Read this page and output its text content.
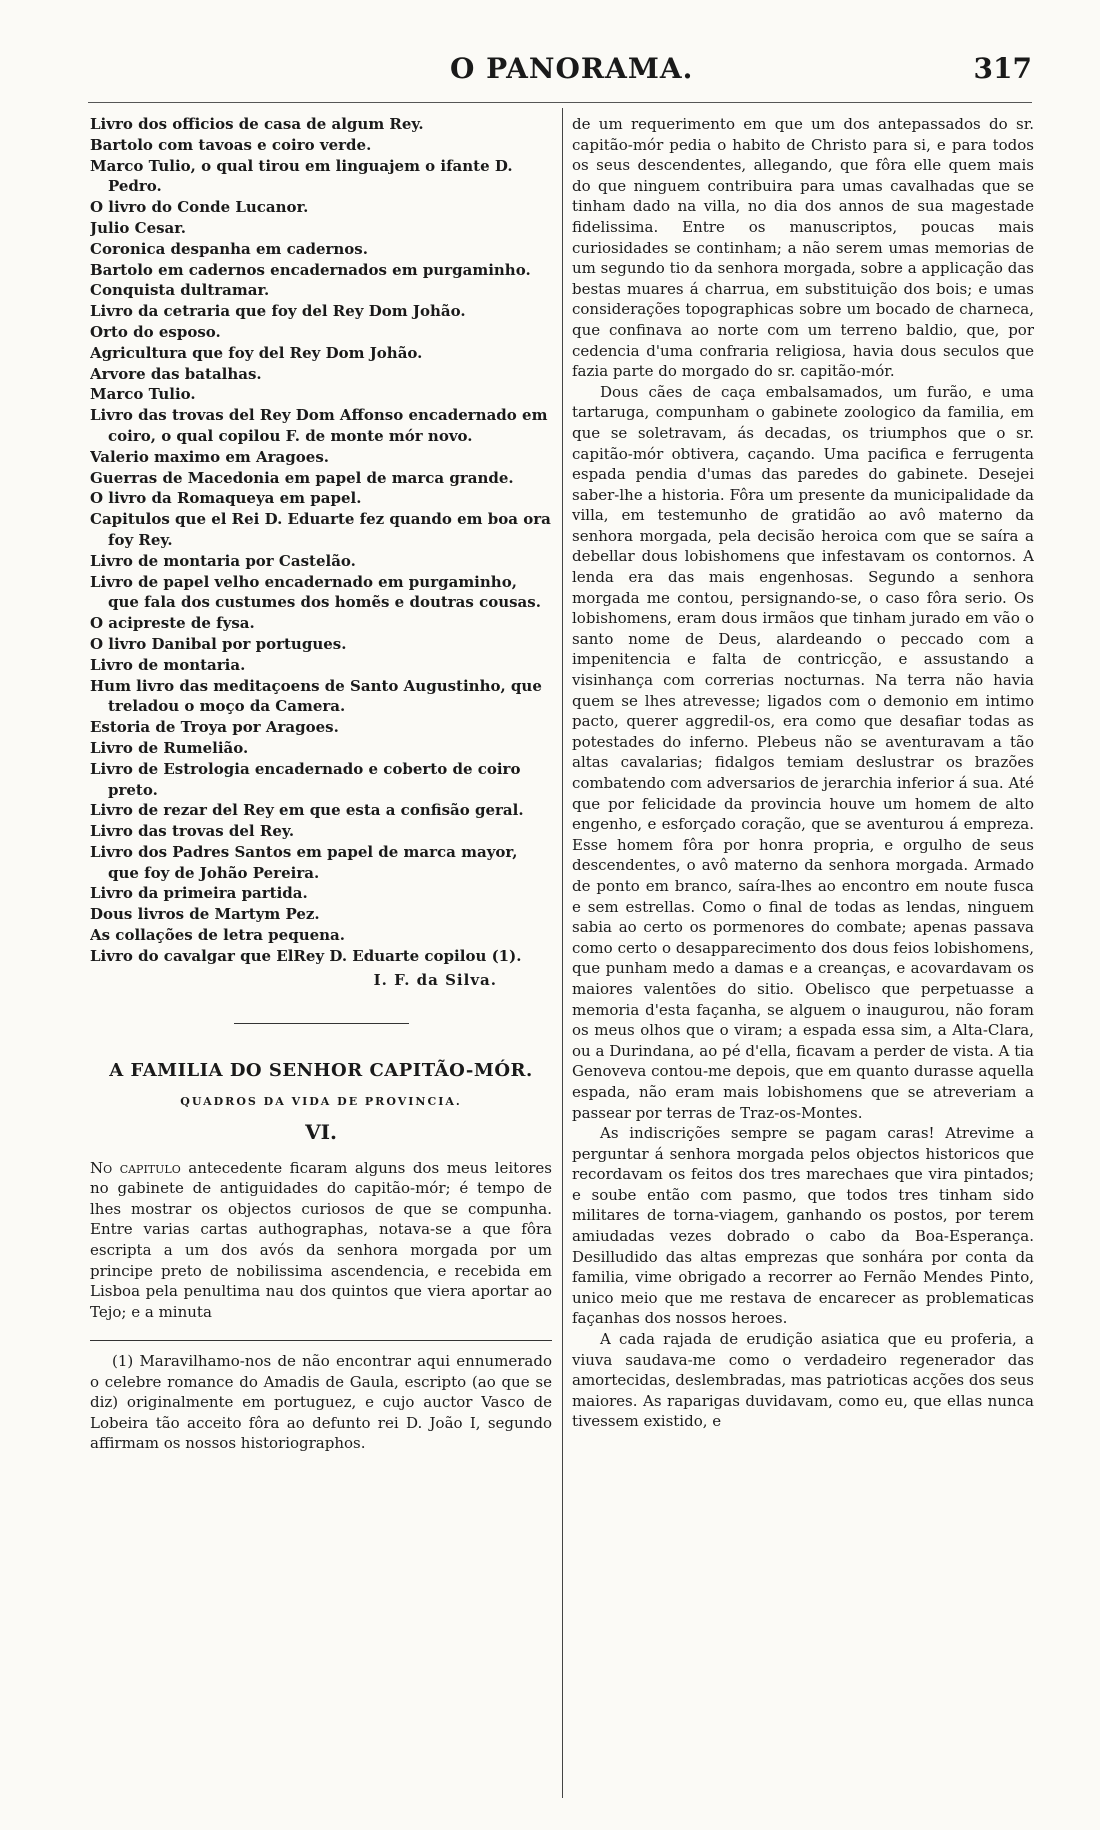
O PANORAMA.	317
Livro dos officios de casa de algum Rey.
Bartolo com tavoas e coiro verde.
Marco Tulio, o qual tirou em linguajem o ifante D. Pedro.
O livro do Conde Lucanor.
Julio Cesar.
Coronica despanha em cadernos.
Bartolo em cadernos encadernados em purgaminho.
Conquista dultramar.
Livro da cetraria que foy del Rey Dom Johão.
Orto do esposo.
Agricultura que foy del Rey Dom Johão.
Arvore das batalhas.
Marco Tulio.
Livro das trovas del Rey Dom Affonso encadernado em coiro, o qual copilou F. de monte mór novo.
Valerio maximo em Aragoes.
Guerras de Macedonia em papel de marca grande.
O livro da Romaqueya em papel.
Capitulos que el Rei D. Eduarte fez quando em boa ora foy Rey.
Livro de montaria por Castelão.
Livro de papel velho encadernado em purgaminho, que fala dos custumes dos homẽs e doutras cousas.
O acipreste de fysa.
O livro Danibal por portugues.
Livro de montaria.
Hum livro das meditaçoens de Santo Augustinho, que treladou o moço da Camera.
Estoria de Troya por Aragoes.
Livro de Rumelião.
Livro de Estrologia encadernado e coberto de coiro preto.
Livro de rezar del Rey em que esta a confisão geral.
Livro das trovas del Rey.
Livro dos Padres Santos em papel de marca mayor, que foy de Johão Pereira.
Livro da primeira partida.
Dous livros de Martym Pez.
As collações de letra pequena.
Livro do cavalgar que ElRey D. Eduarte copilou (1).
I. F. da Silva.
A FAMILIA DO SENHOR CAPITÃO-MÓR.
QUADROS DA VIDA DE PROVINCIA.
VI.

No capitulo antecedente ficaram alguns dos meus leitores no gabinete de antiguidades do capitão-mór; é tempo de lhes mostrar os objectos curiosos de que se compunha. Entre varias cartas authographas, notava-se a que fôra escripta a um dos avós da senhora morgada por um principe preto de nobilissima ascendencia, e recebida em Lisboa pela penultima nau dos quintos que viera aportar ao Tejo; e a minuta

(1) Maravilhamo-nos de não encontrar aqui ennumerado o celebre romance do Amadis de Gaula, escripto (ao que se diz) originalmente em portuguez, e cujo auctor Vasco de Lobeira tão acceito fôra ao defunto rei D. João I, segundo affirmam os nossos historiographos.

de um requerimento em que um dos antepassados do sr. capitão-mór pedia o habito de Christo para si, e para todos os seus descendentes, allegando, que fôra elle quem mais do que ninguem contribuira para umas cavalhadas que se tinham dado na villa, no dia dos annos de sua magestade fidelissima. Entre os manuscriptos, poucas mais curiosidades se continham; a não serem umas memorias de um segundo tio da senhora morgada, sobre a applicação das bestas muares á charrua, em substituição dos bois; e umas considerações topographicas sobre um bocado de charneca, que confinava ao norte com um terreno baldio, que, por cedencia d'uma confraria religiosa, havia dous seculos que fazia parte do morgado do sr. capitão-mór.

Dous cães de caça embalsamados, um furão, e uma tartaruga, compunham o gabinete zoologico da familia, em que se soletravam, ás decadas, os triumphos que o sr. capitão-mór obtivera, caçando. Uma pacifica e ferrugenta espada pendia d'umas das paredes do gabinete. Desejei saber-lhe a historia. Fôra um presente da municipalidade da villa, em testemunho de gratidão ao avô materno da senhora morgada, pela decisão heroica com que se saíra a debellar dous lobishomens que infestavam os contornos. A lenda era das mais engenhosas. Segundo a senhora morgada me contou, persignando-se, o caso fôra serio. Os lobishomens, eram dous irmãos que tinham jurado em vão o santo nome de Deus, alardeando o peccado com a impenitencia e falta de contricção, e assustando a visinhança com correrias nocturnas. Na terra não havia quem se lhes atrevesse; ligados com o demonio em intimo pacto, querer aggredil-os, era como que desafiar todas as potestades do inferno. Plebeus não se aventuravam a tão altas cavalarias; fidalgos temiam deslustrar os brazões combatendo com adversarios de jerarchia inferior á sua. Até que por felicidade da provincia houve um homem de alto engenho, e esforçado coração, que se aventurou á empreza. Esse homem fôra por honra propria, e orgulho de seus descendentes, o avô materno da senhora morgada. Armado de ponto em branco, saíra-lhes ao encontro em noute fusca e sem estrellas. Como o final de todas as lendas, ninguem sabia ao certo os pormenores do combate; apenas passava como certo o desapparecimento dos dous feios lobishomens, que punham medo a damas e a creanças, e acovardavam os maiores valentões do sitio. Obelisco que perpetuasse a memoria d'esta façanha, se alguem o inaugurou, não foram os meus olhos que o viram; a espada essa sim, a Alta-Clara, ou a Durindana, ao pé d'ella, ficavam a perder de vista. A tia Genoveva contou-me depois, que em quanto durasse aquella espada, não eram mais lobishomens que se atreveriam a passear por terras de Traz-os-Montes.

As indiscrições sempre se pagam caras! Atrevime a perguntar á senhora morgada pelos objectos historicos que recordavam os feitos dos tres marechaes que vira pintados; e soube então com pasmo, que todos tres tinham sido militares de torna-viagem, ganhando os postos, por terem amiudadas vezes dobrado o cabo da Boa-Esperança. Desilludido das altas emprezas que sonhára por conta da familia, vime obrigado a recorrer ao Fernão Mendes Pinto, unico meio que me restava de encarecer as problematicas façanhas dos nossos heroes.

A cada rajada de erudição asiatica que eu proferia, a viuva saudava-me como o verdadeiro regenerador das amortecidas, deslembradas, mas patrioticas acções dos seus maiores. As raparigas duvidavam, como eu, que ellas nunca tivessem existido, e
